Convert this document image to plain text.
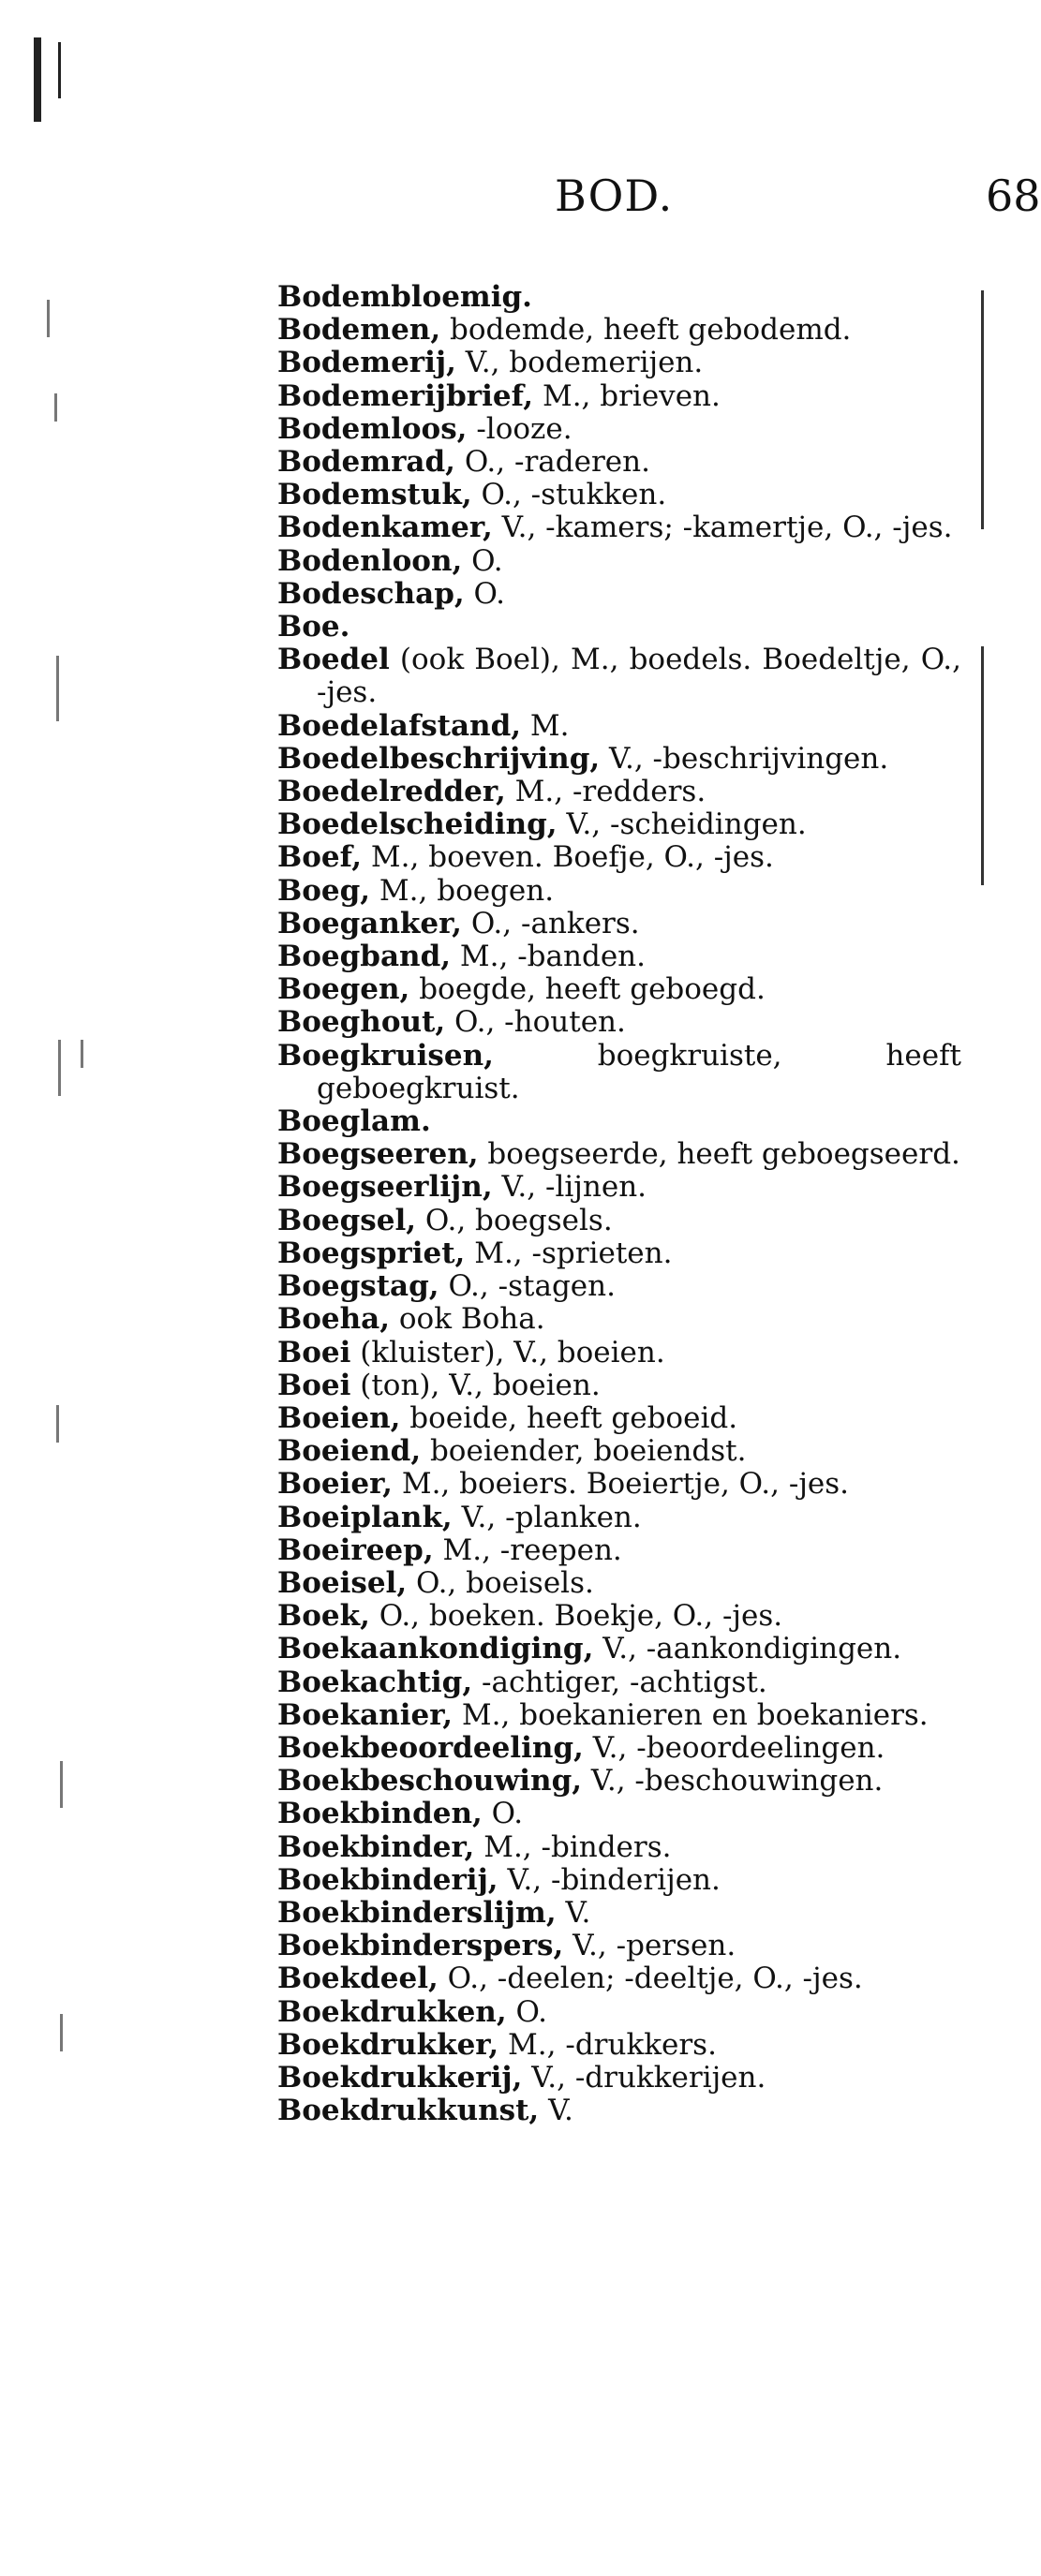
BOD.	68
Bodembloemig.
Bodemen, bodemde, heeft gebodemd.
Bodemerij, V., bodemerijen.
Bodemerijbrief, M., brieven.
Bodemloos, -looze.
Bodemrad, O., -raderen.
Bodemstuk, O., -stukken.
Bodenkamer, V., -kamers; -kamertje, O., -jes.
Bodenloon, O.
Bodeschap, O.
Boe.
Boedel (ook Boel), M., boedels. Boedeltje, O., -jes.
Boedelafstand, M.
Boedelbeschrijving, V., -beschrijvingen.
Boedelredder, M., -redders.
Boedelscheiding, V., -scheidingen.
Boef, M., boeven. Boefje, O., -jes.
Boeg, M., boegen.
Boeganker, O., -ankers.
Boegband, M., -banden.
Boegen, boegde, heeft geboegd.
Boeghout, O., -houten.
Boegkruisen, boegkruiste, heeft geboegkruist.
Boeglam.
Boegseeren, boegseerde, heeft geboegseerd.
Boegseerlijn, V., -lijnen.
Boegsel, O., boegsels.
Boegspriet, M., -sprieten.
Boegstag, O., -stagen.
Boeha, ook Boha.
Boei (kluister), V., boeien.
Boei (ton), V., boeien.
Boeien, boeide, heeft geboeid.
Boeiend, boeiender, boeiendst.
Boeier, M., boeiers. Boeiertje, O., -jes.
Boeiplank, V., -planken.
Boeireep, M., -reepen.
Boeisel, O., boeisels.
Boek, O., boeken. Boekje, O., -jes.
Boekaankondiging, V., -aankondigingen.
Boekachtig, -achtiger, -achtigst.
Boekanier, M., boekanieren en boekaniers.
Boekbeoordeeling, V., -beoordeelingen.
Boekbeschouwing, V., -beschouwingen.
Boekbinden, O.
Boekbinder, M., -binders.
Boekbinderij, V., -binderijen.
Boekbinderslijm, V.
Boekbinderspers, V., -persen.
Boekdeel, O., -deelen; -deeltje, O., -jes.
Boekdrukken, O.
Boekdrukker, M., -drukkers.
Boekdrukkerij, V., -drukkerijen.
Boekdrukkunst, V.
